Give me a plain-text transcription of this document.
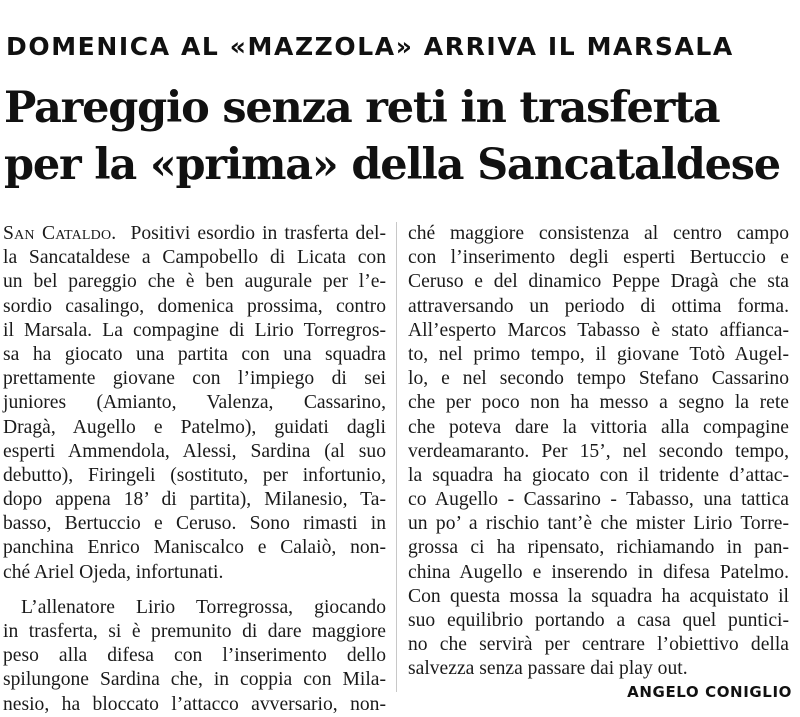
DOMENICA AL «MAZZOLA» ARRIVA IL MARSALA
Pareggio senza reti in trasferta
per la «prima» della Sancataldese
San Cataldo. Positivi esordio in trasferta del-
la Sancataldese a Campobello di Licata con
un bel pareggio che è ben augurale per l’e-
sordio casalingo, domenica prossima, contro
il Marsala. La compagine di Lirio Torregros-
sa ha giocato una partita con una squadra
prettamente giovane con l’impiego di sei
juniores (Amianto, Valenza, Cassarino,
Dragà, Augello e Patelmo), guidati dagli
esperti Ammendola, Alessi, Sardina (al suo
debutto), Firingeli (sostituto, per infortunio,
dopo appena 18’ di partita), Milanesio, Ta-
basso, Bertuccio e Ceruso. Sono rimasti in
panchina Enrico Maniscalco e Calaiò, non-
ché Ariel Ojeda, infortunati.
L’allenatore Lirio Torregrossa, giocando
in trasferta, si è premunito di dare maggiore
peso alla difesa con l’inserimento dello
spilungone Sardina che, in coppia con Mila-
nesio, ha bloccato l’attacco avversario, non-
ché maggiore consistenza al centro campo
con l’inserimento degli esperti Bertuccio e
Ceruso e del dinamico Peppe Dragà che sta
attraversando un periodo di ottima forma.
All’esperto Marcos Tabasso è stato affianca-
to, nel primo tempo, il giovane Totò Augel-
lo, e nel secondo tempo Stefano Cassarino
che per poco non ha messo a segno la rete
che poteva dare la vittoria alla compagine
verdeamaranto. Per 15’, nel secondo tempo,
la squadra ha giocato con il tridente d’attac-
co Augello - Cassarino - Tabasso, una tattica
un po’ a rischio tant’è che mister Lirio Torre-
grossa ci ha ripensato, richiamando in pan-
china Augello e inserendo in difesa Patelmo.
Con questa mossa la squadra ha acquistato il
suo equilibrio portando a casa quel puntici-
no che servirà per centrare l’obiettivo della
salvezza senza passare dai play out.
ANGELO CONIGLIO
